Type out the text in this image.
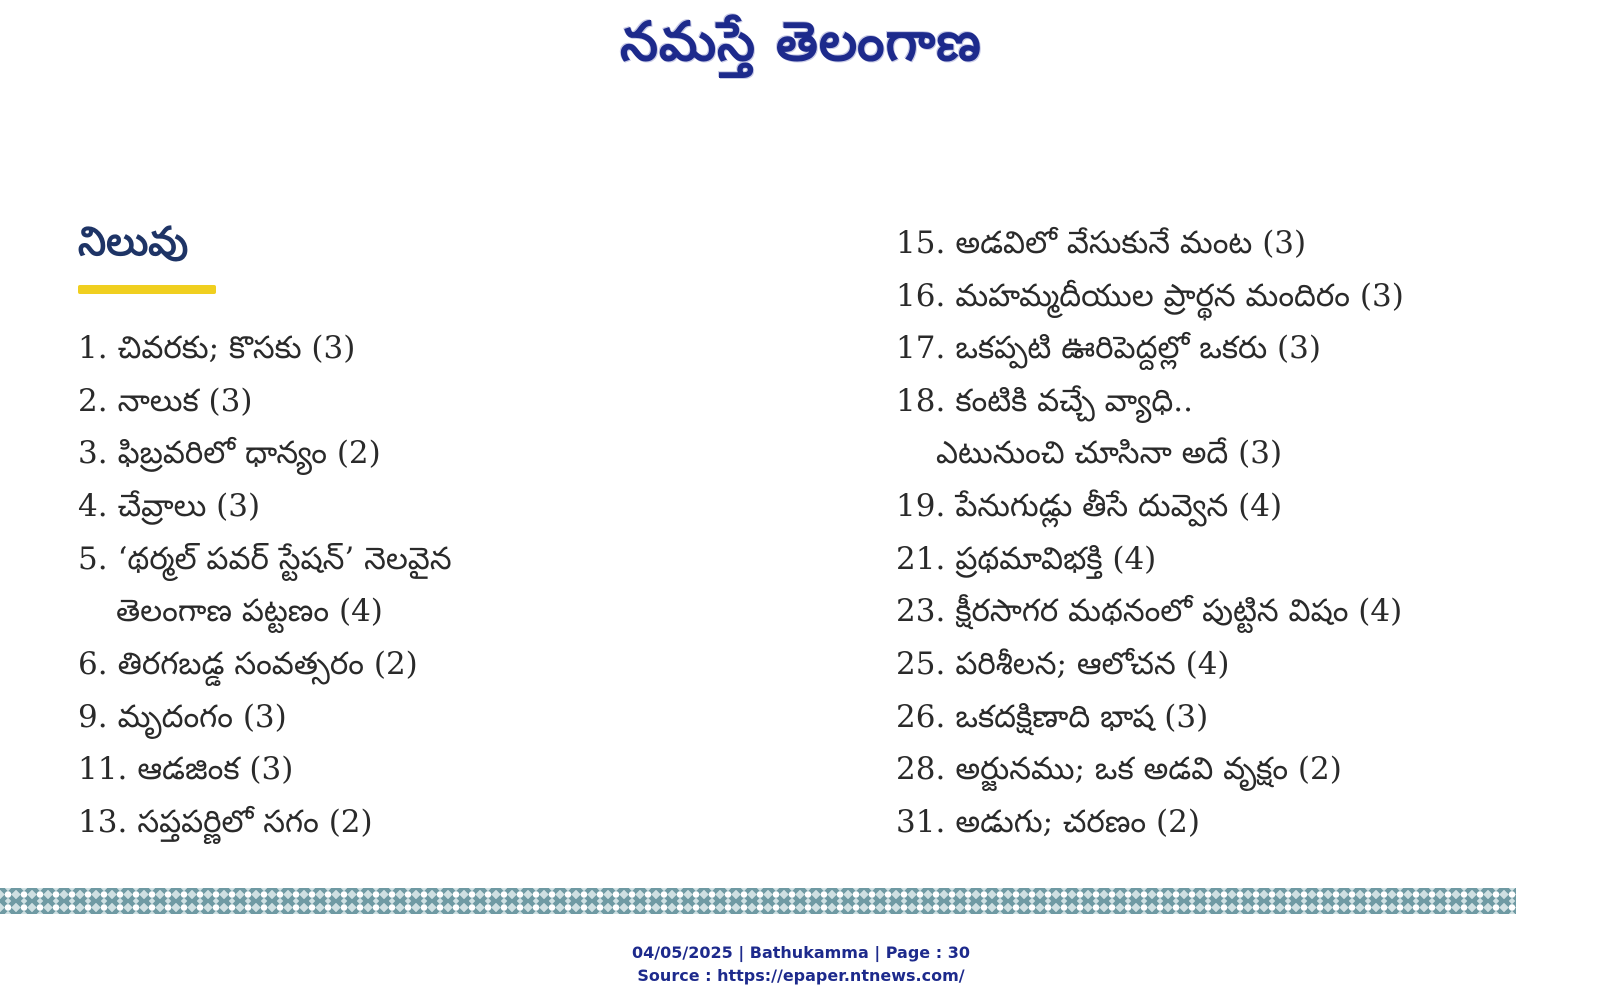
నమస్తే తెలంగాణ
నిలువు
1. చివరకు; కొసకు (3)
2. నాలుక (3)
3. ఫిబ్రవరిలో ధాన్యం (2)
4. చేవ్రాలు (3)
5. ‘థర్మల్ పవర్ స్టేషన్’ నెలవైన
తెలంగాణ పట్టణం (4)
6. తిరగబడ్డ సంవత్సరం (2)
9. మృదంగం (3)
11. ఆడజింక (3)
13. సప్తపర్ణిలో సగం (2)
15. అడవిలో వేసుకునే మంట (3)
16. మహమ్మదీయుల ప్రార్థన మందిరం (3)
17. ఒకప్పటి ఊరిపెద్దల్లో ఒకరు (3)
18. కంటికి వచ్చే వ్యాధి..
ఎటునుంచి చూసినా అదే (3)
19. పేనుగుడ్లు తీసే దువ్వెన (4)
21. ప్రథమావిభక్తి (4)
23. క్షీరసాగర మథనంలో పుట్టిన విషం (4)
25. పరిశీలన; ఆలోచన (4)
26. ఒకదక్షిణాది భాష (3)
28. అర్జునము; ఒక అడవి వృక్షం (2)
31. అడుగు; చరణం (2)
04/05/2025 | Bathukamma | Page : 30
Source : https://epaper.ntnews.com/
